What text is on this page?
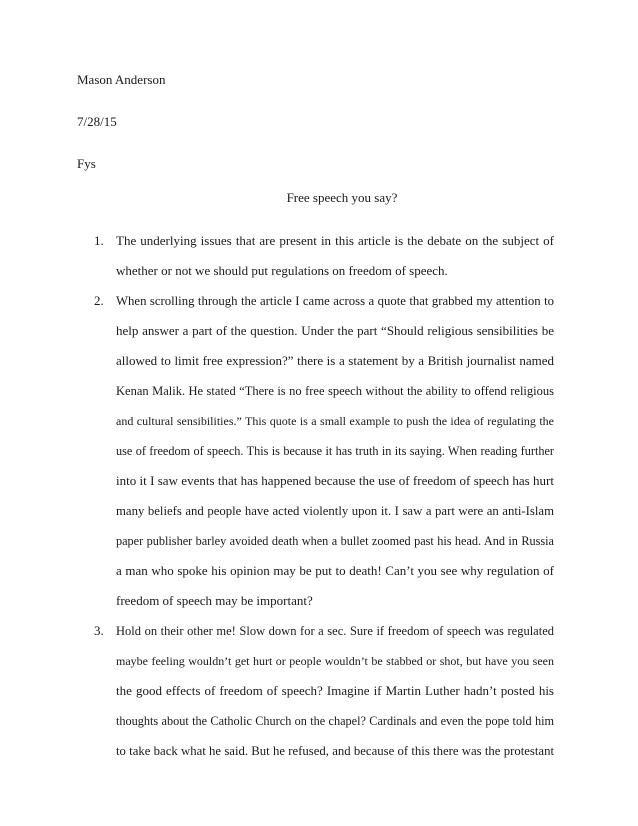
Mason Anderson
7/28/15
Fys
Free speech you say?
1. The underlying issues that are present in this article is the debate on the subject of
whether or not we should put regulations on freedom of speech.
2. When scrolling through the article I came across a quote that grabbed my attention to
help answer a part of the question. Under the part “Should religious sensibilities be
allowed to limit free expression?” there is a statement by a British journalist named
Kenan Malik. He stated “There is no free speech without the ability to offend religious
and cultural sensibilities.” This quote is a small example to push the idea of regulating the
use of freedom of speech. This is because it has truth in its saying. When reading further
into it I saw events that has happened because the use of freedom of speech has hurt
many beliefs and people have acted violently upon it. I saw a part were an anti-Islam
paper publisher barley avoided death when a bullet zoomed past his head. And in Russia
a man who spoke his opinion may be put to death! Can’t you see why regulation of
freedom of speech may be important?
3. Hold on their other me! Slow down for a sec. Sure if freedom of speech was regulated
maybe feeling wouldn’t get hurt or people wouldn’t be stabbed or shot, but have you seen
the good effects of freedom of speech? Imagine if Martin Luther hadn’t posted his
thoughts about the Catholic Church on the chapel? Cardinals and even the pope told him
to take back what he said. But he refused, and because of this there was the protestant
